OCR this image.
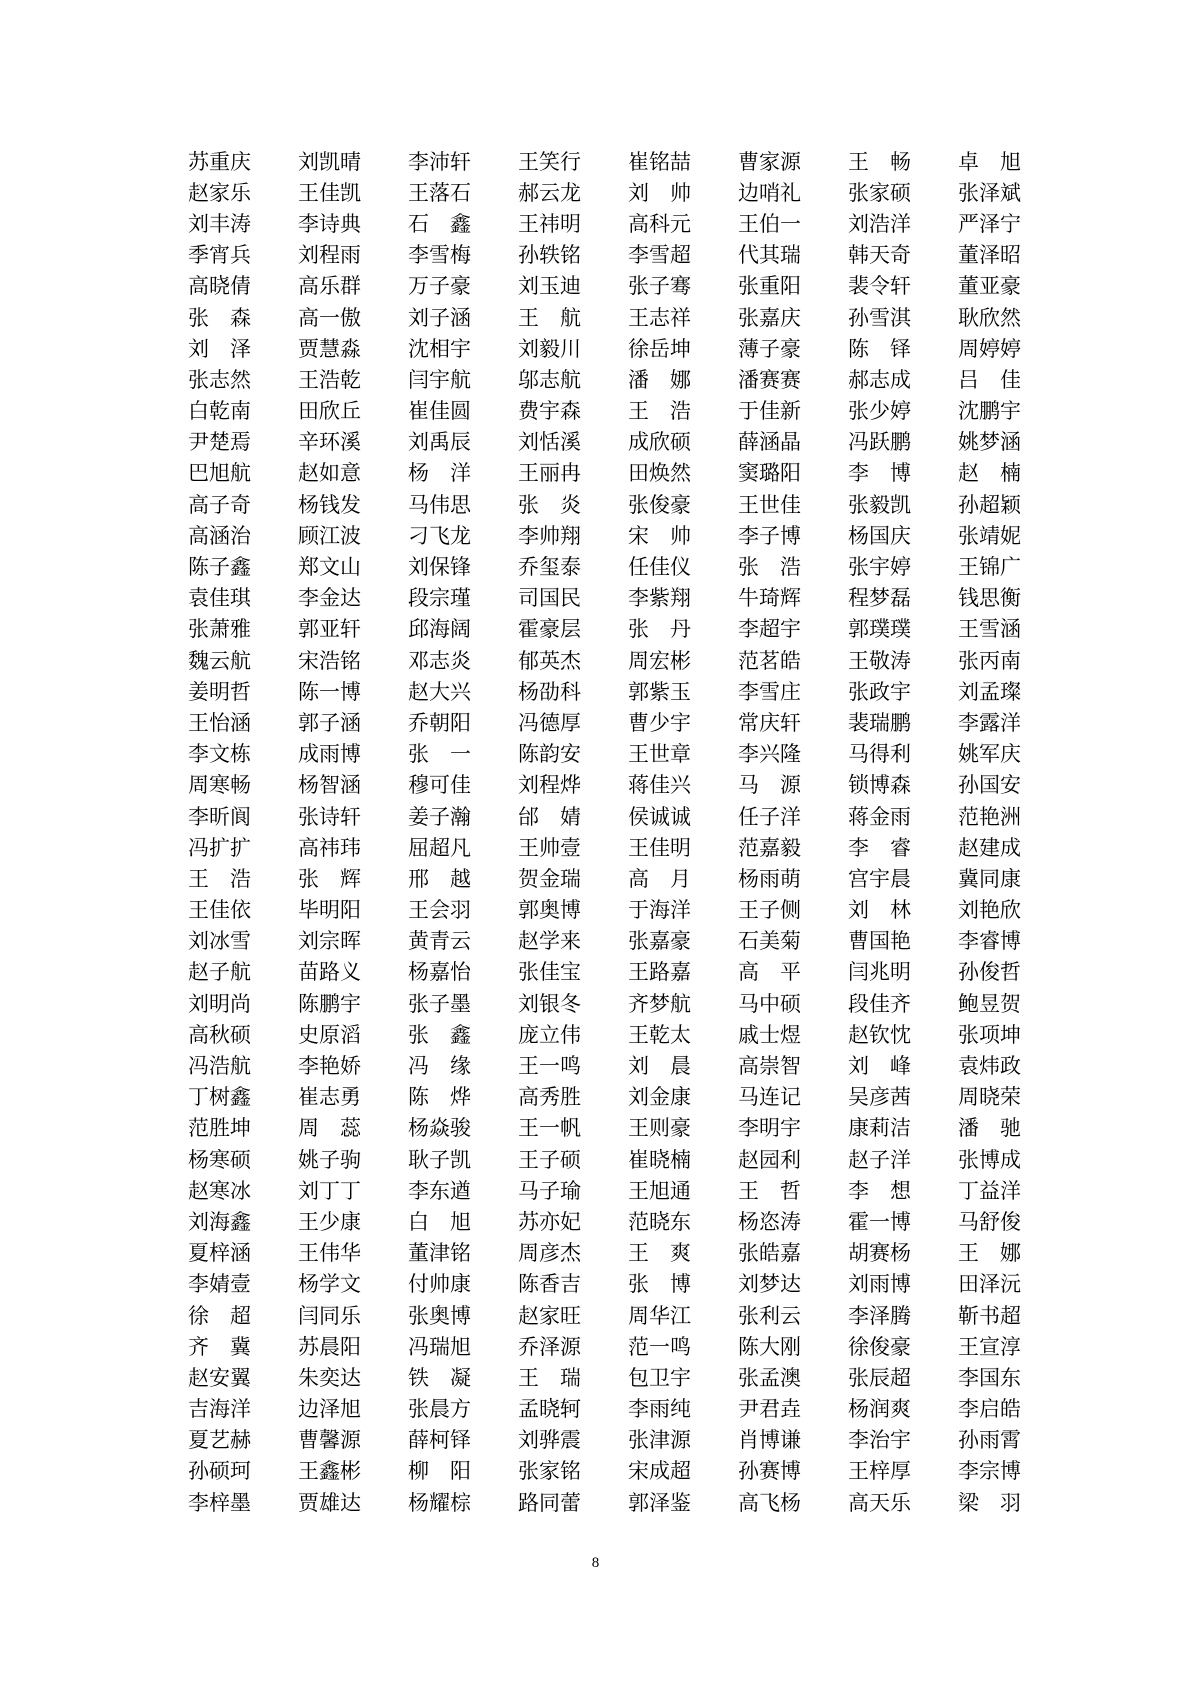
苏重庆	刘凯晴	李沛轩	王笑行	崔铭喆	曹家源	王　畅	卓　旭
赵家乐	王佳凯	王落石	郝云龙	刘　帅	边哨礼	张家硕	张泽斌
刘丰涛	李诗典	石　鑫	王祎明	高科元	王伯一	刘浩洋	严泽宁
季宵兵	刘程雨	李雪梅	孙轶铭	李雪超	代其瑞	韩天奇	董泽昭
高晓倩	高乐群	万子豪	刘玉迪	张子骞	张重阳	裴令轩	董亚豪
张　森	高一傲	刘子涵	王　航	王志祥	张嘉庆	孙雪淇	耿欣然
刘　泽	贾慧淼	沈相宇	刘毅川	徐岳坤	薄子豪	陈　铎	周婷婷
张志然	王浩乾	闫宇航	邬志航	潘　娜	潘赛赛	郝志成	吕　佳
白乾南	田欣丘	崔佳圆	费宇森	王　浩	于佳新	张少婷	沈鹏宇
尹楚焉	辛环溪	刘禹辰	刘恬溪	成欣硕	薛涵晶	冯跃鹏	姚梦涵
巴旭航	赵如意	杨　洋	王丽冉	田焕然	窦璐阳	李　博	赵　楠
高子奇	杨钱发	马伟思	张　炎	张俊豪	王世佳	张毅凯	孙超颖
高涵治	顾江波	刁飞龙	李帅翔	宋　帅	李子博	杨国庆	张靖妮
陈子鑫	郑文山	刘保锋	乔玺泰	任佳仪	张　浩	张宇婷	王锦广
袁佳琪	李金达	段宗瑾	司国民	李紫翔	牛琦辉	程梦磊	钱思衡
张萧雅	郭亚轩	邱海阔	霍豪层	张　丹	李超宇	郭璞璞	王雪涵
魏云航	宋浩铭	邓志炎	郁英杰	周宏彬	范茗皓	王敬涛	张丙南
姜明哲	陈一博	赵大兴	杨劭科	郭紫玉	李雪庄	张政宇	刘孟璨
王怡涵	郭子涵	乔朝阳	冯德厚	曹少宇	常庆轩	裴瑞鹏	李露洋
李文栋	成雨博	张　一	陈韵安	王世章	李兴隆	马得利	姚军庆
周寒畅	杨智涵	穆可佳	刘程烨	蒋佳兴	马　源	锁博森	孙国安
李昕阆	张诗轩	姜子瀚	邰　婧	侯诚诚	任子洋	蒋金雨	范艳洲
冯扩扩	高祎玮	屈超凡	王帅壹	王佳明	范嘉毅	李　睿	赵建成
王　浩	张　辉	邢　越	贺金瑞	高　月	杨雨萌	宫宇晨	冀同康
王佳依	毕明阳	王会羽	郭奥博	于海洋	王子侧	刘　林	刘艳欣
刘冰雪	刘宗晖	黄青云	赵学来	张嘉豪	石美菊	曹国艳	李睿博
赵子航	苗路义	杨嘉怡	张佳宝	王路嘉	高　平	闫兆明	孙俊哲
刘明尚	陈鹏宇	张子墨	刘银冬	齐梦航	马中硕	段佳齐	鲍昱贺
高秋硕	史原滔	张　鑫	庞立伟	王乾太	戚士煜	赵钦忱	张项坤
冯浩航	李艳娇	冯　缘	王一鸣	刘　晨	高崇智	刘　峰	袁炜政
丁树鑫	崔志勇	陈　烨	高秀胜	刘金康	马连记	吴彦茜	周晓荣
范胜坤	周　蕊	杨焱骏	王一帆	王则豪	李明宇	康莉洁	潘　驰
杨寒硕	姚子驹	耿子凯	王子硕	崔晓楠	赵园利	赵子洋	张博成
赵寒冰	刘丁丁	李东遒	马子瑜	王旭通	王　哲	李　想	丁益洋
刘海鑫	王少康	白　旭	苏亦妃	范晓东	杨恣涛	霍一博	马舒俊
夏梓涵	王伟华	董津铭	周彦杰	王　爽	张皓嘉	胡赛杨	王　娜
李婧壹	杨学文	付帅康	陈香吉	张　博	刘梦达	刘雨博	田泽沅
徐　超	闫同乐	张奥博	赵家旺	周华江	张利云	李泽腾	靳书超
齐　冀	苏晨阳	冯瑞旭	乔泽源	范一鸣	陈大刚	徐俊豪	王宣淳
赵安翼	朱奕达	铁　凝	王　瑞	包卫宇	张孟澳	张辰超	李国东
吉海洋	边泽旭	张晨方	孟晓轲	李雨纯	尹君垚	杨润爽	李启皓
夏艺赫	曹馨源	薛柯铎	刘骅震	张津源	肖博谦	李治宇	孙雨霄
孙硕珂	王鑫彬	柳　阳	张家铭	宋成超	孙赛博	王梓厚	李宗博
李梓墨	贾雄达	杨耀棕	路同蕾	郭泽鉴	高飞杨	高天乐	梁　羽
8
